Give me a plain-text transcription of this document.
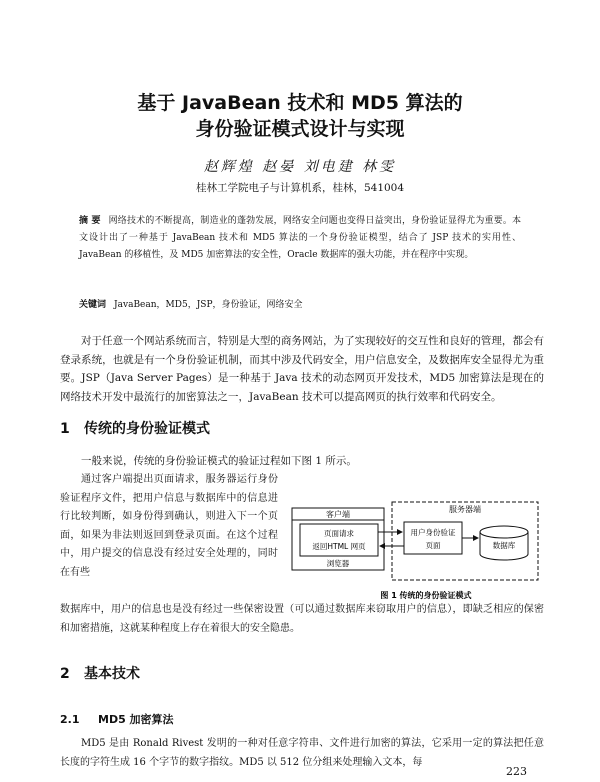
基于 JavaBean 技术和 MD5 算法的
身份验证模式设计与实现
赵辉煌 赵晏 刘电建 林雯
桂林工学院电子与计算机系，桂林，541004
摘 要 网络技术的不断提高，制造业的蓬勃发展，网络安全问题也变得日益突出，身份验证显得尤为重要。本文设计出了一种基于 JavaBean 技术和 MD5 算法的一个身份验证模型，结合了 JSP 技术的实用性、JavaBean 的移植性，及 MD5 加密算法的安全性，Oracle 数据库的强大功能，并在程序中实现。
关键词 JavaBean，MD5，JSP，身份验证，网络安全
对于任意一个网站系统而言，特别是大型的商务网站，为了实现较好的交互性和良好的管理，都会有登录系统，也就是有一个身份验证机制，而其中涉及代码安全，用户信息安全，及数据库安全显得尤为重要。JSP（Java Server Pages）是一种基于 Java 技术的动态网页开发技术，MD5 加密算法是现在的网络技术开发中最流行的加密算法之一，JavaBean 技术可以提高网页的执行效率和代码安全。
1 传统的身份验证模式
一般来说，传统的身份验证模式的验证过程如下图 1 所示。
通过客户端提出页面请求，服务器运行身份验证程序文件，把用户信息与数据库中的信息进行比较判断，如身份得到确认，则进入下一个页面，如果为非法则返回到登录页面。在这个过程中，用户提交的信息没有经过安全处理的，同时在有些
客户端
页面请求
返回HTML 网页
浏览器
服务器端
用户身份验证
页面	数据库
图 1 传统的身份验证模式
数据库中，用户的信息也是没有经过一些保密设置（可以通过数据库来窃取用户的信息），即缺乏相应的保密和加密措施，这就某种程度上存在着很大的安全隐患。
2 基本技术
2.1 MD5 加密算法
MD5 是由 Ronald Rivest 发明的一种对任意字符串、文件进行加密的算法，它采用一定的算法把任意长度的字符生成 16 个字节的数字指纹。MD5 以 512 位分组来处理输入文本，每
223
